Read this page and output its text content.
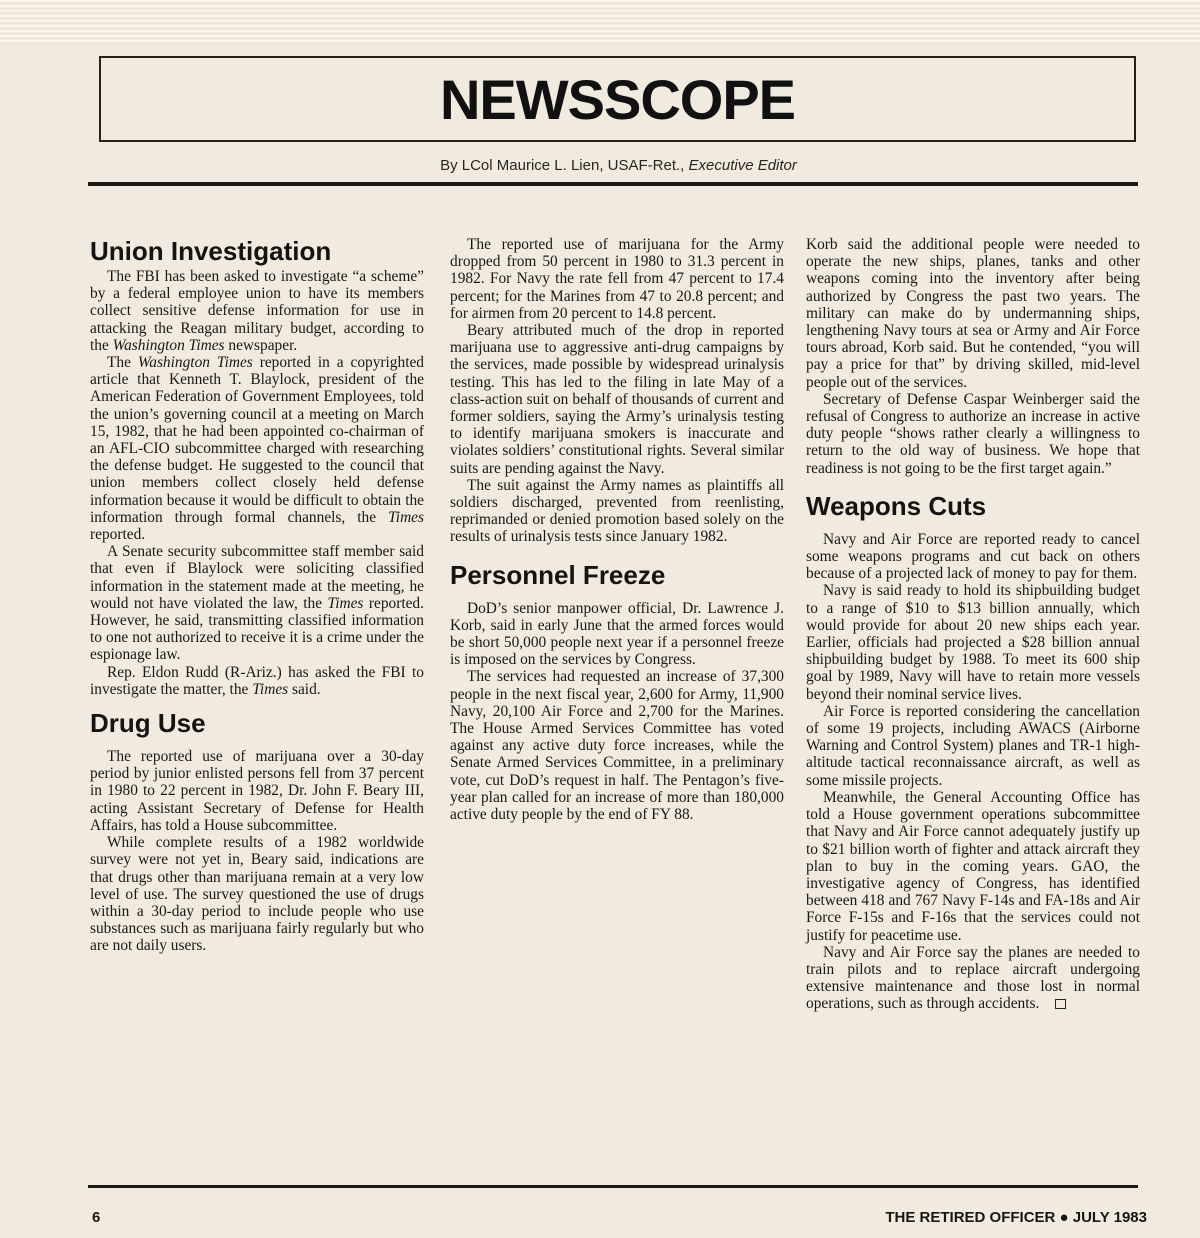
NEWSSCOPE
By LCol Maurice L. Lien, USAF-Ret., Executive Editor
Union Investigation

The FBI has been asked to investigate “a scheme” by a federal employee union to have its members collect sensitive defense information for use in attacking the Reagan military budget, according to the Washington Times newspaper.

The Washington Times reported in a copyrighted article that Kenneth T. Blaylock, president of the American Federation of Government Employees, told the union’s governing council at a meeting on March 15, 1982, that he had been appointed co-chairman of an AFL-CIO subcommittee charged with researching the defense budget. He suggested to the council that union members collect closely held defense information because it would be difficult to obtain the information through formal channels, the Times reported.

A Senate security subcommittee staff member said that even if Blaylock were soliciting classified information in the statement made at the meeting, he would not have violated the law, the Times reported. However, he said, transmitting classified information to one not authorized to receive it is a crime under the espionage law.

Rep. Eldon Rudd (R-Ariz.) has asked the FBI to investigate the matter, the Times said.

Drug Use

The reported use of marijuana over a 30-day period by junior enlisted persons fell from 37 percent in 1980 to 22 percent in 1982, Dr. John F. Beary III, acting Assistant Secretary of Defense for Health Affairs, has told a House subcommittee.

While complete results of a 1982 worldwide survey were not yet in, Beary said, indications are that drugs other than marijuana remain at a very low level of use. The survey questioned the use of drugs within a 30-day period to include people who use substances such as marijuana fairly regularly but who are not daily users.

The reported use of marijuana for the Army dropped from 50 percent in 1980 to 31.3 percent in 1982. For Navy the rate fell from 47 percent to 17.4 percent; for the Marines from 47 to 20.8 percent; and for airmen from 20 percent to 14.8 percent.

Beary attributed much of the drop in reported marijuana use to aggressive anti-drug campaigns by the services, made possible by widespread urinalysis testing. This has led to the filing in late May of a class-action suit on behalf of thousands of current and former soldiers, saying the Army’s urinalysis testing to identify marijuana smokers is inaccurate and violates soldiers’ constitutional rights. Several similar suits are pending against the Navy.

The suit against the Army names as plaintiffs all soldiers discharged, prevented from reenlisting, reprimanded or denied promotion based solely on the results of urinalysis tests since January 1982.

Personnel Freeze

DoD’s senior manpower official, Dr. Lawrence J. Korb, said in early June that the armed forces would be short 50,000 people next year if a personnel freeze is imposed on the services by Congress.

The services had requested an increase of 37,300 people in the next fiscal year, 2,600 for Army, 11,900 Navy, 20,100 Air Force and 2,700 for the Marines. The House Armed Services Committee has voted against any active duty force increases, while the Senate Armed Services Committee, in a preliminary vote, cut DoD’s request in half. The Pentagon’s five-year plan called for an increase of more than 180,000 active duty people by the end of FY 88.

Korb said the additional people were needed to operate the new ships, planes, tanks and other weapons coming into the inventory after being authorized by Congress the past two years. The military can make do by undermanning ships, lengthening Navy tours at sea or Army and Air Force tours abroad, Korb said. But he contended, “you will pay a price for that” by driving skilled, mid-level people out of the services.

Secretary of Defense Caspar Weinberger said the refusal of Congress to authorize an increase in active duty people “shows rather clearly a willingness to return to the old way of business. We hope that readiness is not going to be the first target again.”

Weapons Cuts

Navy and Air Force are reported ready to cancel some weapons programs and cut back on others because of a projected lack of money to pay for them.

Navy is said ready to hold its shipbuilding budget to a range of $10 to $13 billion annually, which would provide for about 20 new ships each year. Earlier, officials had projected a $28 billion annual shipbuilding budget by 1988. To meet its 600 ship goal by 1989, Navy will have to retain more vessels beyond their nominal service lives.

Air Force is reported considering the cancellation of some 19 projects, including AWACS (Airborne Warning and Control System) planes and TR-1 high-altitude tactical reconnaissance aircraft, as well as some missile projects.

Meanwhile, the General Accounting Office has told a House government operations subcommittee that Navy and Air Force cannot adequately justify up to $21 billion worth of fighter and attack aircraft they plan to buy in the coming years. GAO, the investigative agency of Congress, has identified between 418 and 767 Navy F-14s and FA-18s and Air Force F-15s and F-16s that the services could not justify for peacetime use.

Navy and Air Force say the planes are needed to train pilots and to replace aircraft undergoing extensive maintenance and those lost in normal operations, such as through accidents.

6	THE RETIRED OFFICER ● JULY 1983
